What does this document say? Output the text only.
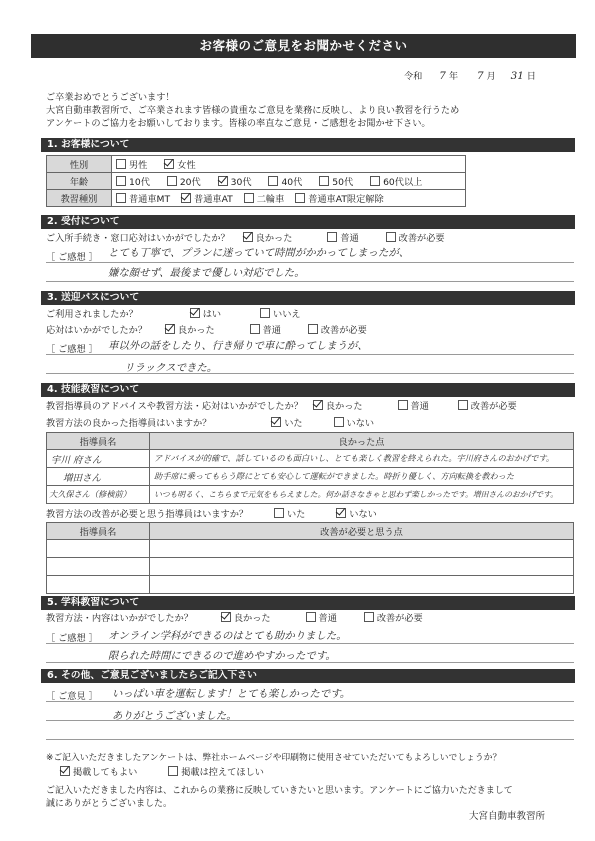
お客様のご意見をお聞かせください
令和 7 年 7 月 31 日
ご卒業おめでとうございます！
大宮自動車教習所で、ご卒業されます皆様の貴重なご意見を業務に反映し、より良い教習を行うため
アンケートのご協力をお願いしております。皆様の率直なご意見・ご感想をお聞かせ下さい。
1. お客様について
性別	男性 女性
年齢	10代 20代 30代 40代 50代 60代以上
教習種別	普通車MT 普通車AT 二輪車 普通車AT限定解除
2. 受付について
ご入所手続き・窓口応対はいかがでしたか？	良かった	普通	改善が必要
［ ご感想 ］ とても丁寧で、プランに迷っていて時間がかかってしまったが、
嫌な顔せず、最後まで優しい対応でした。
3. 送迎バスについて
ご利用されましたか？	はい	いいえ
応対はいかがでしたか？	良かった	普通	改善が必要
［ ご感想 ］ 車以外の話をしたり、行き帰りで車に酔ってしまうが、
リラックスできた。
4. 技能教習について
教習指導員のアドバイスや教習方法・応対はいかがでしたか？ 良かった	普通	改善が必要
教習方法の良かった指導員はいますか？	いた	いない
指導員名	良かった点
宇川 府さん	アドバイスが的確で、話しているのも面白いし、とても楽しく教習を終えられた。宇川府さんのおかげです。
増田さん	助手席に乗ってもらう際にとても安心して運転ができました。時折り優しく、方向転換を教わった
大久保さん（修検前）	いつも明るく、こちらまで元気をもらえました。何か話さなきゃと思わず楽しかったです。増田さんのおかげです。
教習方法の改善が必要と思う指導員はいますか？	いた	いない
指導員名	改善が必要と思う点

5. 学科教習について
教習方法・内容はいかがでしたか？	良かった	普通	改善が必要
［ ご感想 ］ オンライン学科ができるのはとても助かりました。
限られた時間にできるので進めやすかったです。
6. その他、ご意見ございましたらご記入下さい
［ ご意見 ］ いっぱい車を運転します！とても楽しかったです。
ありがとうございました。
※ご記入いただきましたアンケートは、弊社ホームページや印刷物に使用させていただいてもよろしいでしょうか？
掲載してもよい	掲載は控えてほしい
ご記入いただきました内容は、これからの業務に反映していきたいと思います。アンケートにご協力いただきまして
誠にありがとうございました。
大宮自動車教習所
